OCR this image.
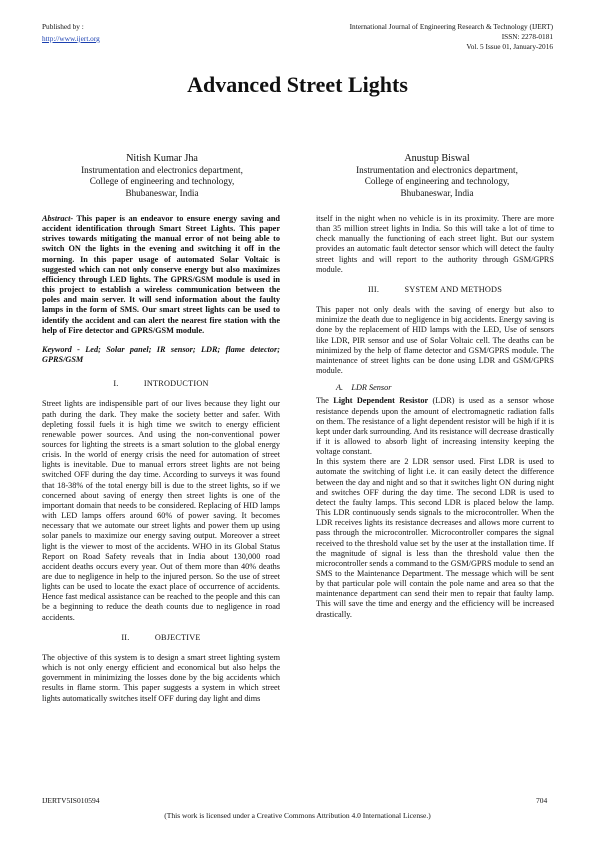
Published by :
http://www.ijert.org
International Journal of Engineering Research & Technology (IJERT)
ISSN: 2278-0181
Vol. 5 Issue 01, January-2016
Advanced Street Lights
Nitish Kumar Jha
Instrumentation and electronics department,
College of engineering and technology,
Bhubaneswar, India
Anustup Biswal
Instrumentation and electronics department,
College of engineering and technology,
Bhubaneswar, India

Abstract- This paper is an endeavor to ensure energy saving and accident identification through Smart Street Lights. This paper strives towards mitigating the manual error of not being able to switch ON the lights in the evening and switching it off in the morning. In this paper usage of automated Solar Voltaic is suggested which can not only conserve energy but also maximizes efficiency through LED lights. The GPRS/GSM module is used in this project to establish a wireless communication between the poles and main server. It will send information about the faulty lamps in the form of SMS. Our smart street lights can be used to identify the accident and can alert the nearest fire station with the help of Fire detector and GPRS/GSM module.

Keyword - Led; Solar panel; IR sensor; LDR; flame detector; GPRS/GSM

I.   INTRODUCTION

Street lights are indispensible part of our lives because they light our path during the dark. They make the society better and safer. With depleting fossil fuels it is high time we switch to energy efficient renewable power sources. And using the non-conventional power sources for lighting the streets is a smart solution to the global energy crisis. In the world of energy crisis the need for automation of street lights is inevitable. Due to manual errors street lights are not being switched OFF during the day time. According to surveys it was found that 18-38% of the total energy bill is due to the street lights, so if we concerned about saving of energy then street lights is one of the important domain that needs to be considered. Replacing of HID lamps with LED lamps offers around 60% of power saving. It becomes necessary that we automate our street lights and power them up using solar panels to maximize our energy saving output. Moreover a street light is the viewer to most of the accidents. WHO in its Global Status Report on Road Safety reveals that in India about 130,000 road accident deaths occurs every year. Out of them more than 40% deaths are due to negligence in help to the injured person. So the use of street lights can be used to locate the exact place of occurrence of accidents. Hence fast medical assistance can be reached to the people and this can be a beginning to reduce the death counts due to negligence in road accidents.

II.   OBJECTIVE

The objective of this system is to design a smart street lighting system which is not only energy efficient and economical but also helps the government in minimizing the losses done by the big accidents which results in flame storm. This paper suggests a system in which street lights automatically switches itself OFF during day light and dims

itself in the night when no vehicle is in its proximity. There are more than 35 million street lights in India. So this will take a lot of time to check manually the functioning of each street light. But our system provides an automatic fault detector sensor which will detect the faulty street lights and will report to the authority through GSM/GPRS module.

III.   SYSTEM AND METHODS

This paper not only deals with the saving of energy but also to minimize the death due to negligence in big accidents. Energy saving is done by the replacement of HID lamps with the LED, Use of sensors like LDR, PIR sensor and use of Solar Voltaic cell. The deaths can be minimized by the help of flame detector and GSM/GPRS module. The maintenance of street lights can be done using LDR and GSM/GPRS module.

A. LDR Sensor

The Light Dependent Resistor (LDR) is used as a sensor whose resistance depends upon the amount of electromagnetic radiation falls on them. The resistance of a light dependent resistor will be high if it is kept under dark surrounding. And its resistance will decrease drastically if it is allowed to absorb light of increasing intensity keeping the voltage constant.

In this system there are 2 LDR sensor used. First LDR is used to automate the switching of light i.e. it can easily detect the difference between the day and night and so that it switches light ON during night and switches OFF during the day time. The second LDR is used to detect the faulty lamps. This second LDR is placed below the lamp. This LDR continuously sends signals to the microcontroller. When the LDR receives lights its resistance decreases and allows more current to pass through the microcontroller. Microcontroller compares the signal received to the threshold value set by the user at the installation time. If the magnitude of signal is less than the threshold value then the microcontroller sends a command to the GSM/GPRS module to send an SMS to the Maintenance Department. The message which will be sent by that particular pole will contain the pole name and area so that the maintenance department can send their men to repair that faulty lamp. This will save the time and energy and the efficiency will be increased drastically.

IJERTV5IS010594	704
(This work is licensed under a Creative Commons Attribution 4.0 International License.)
